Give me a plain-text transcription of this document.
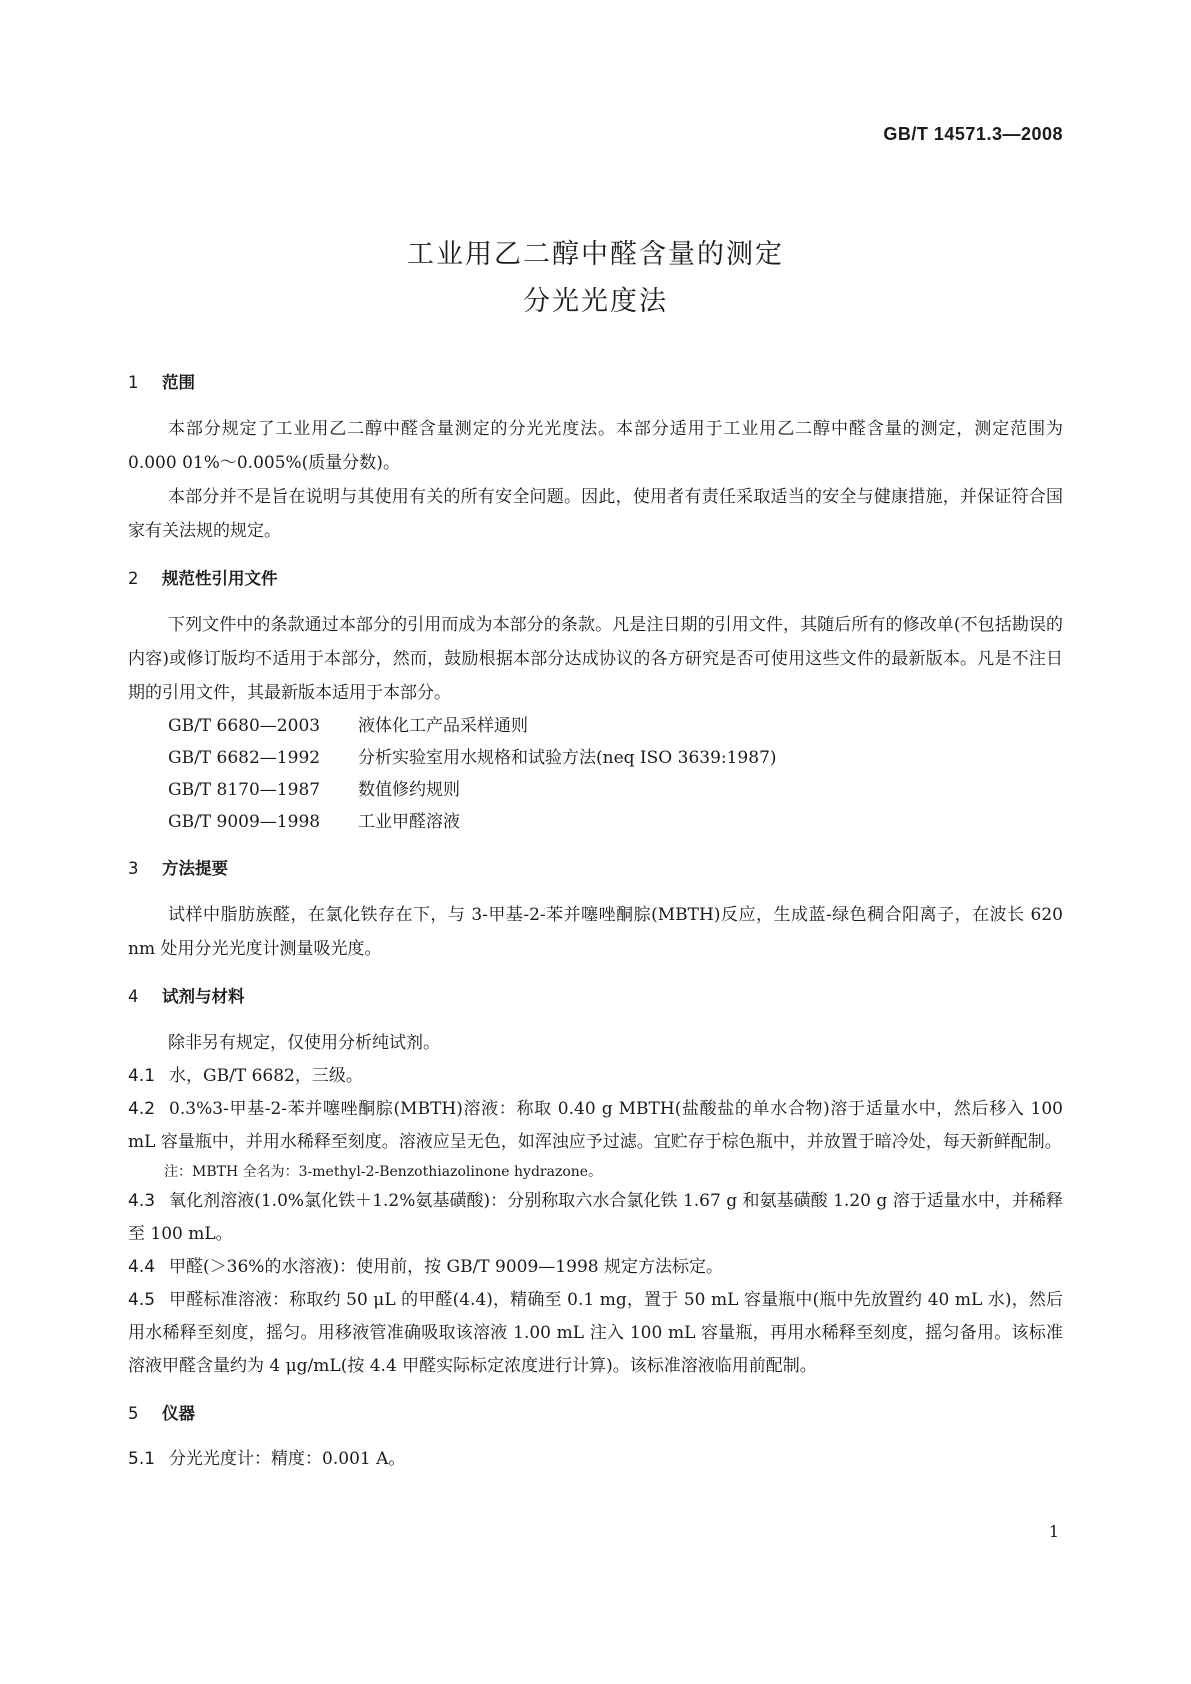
GB/T 14571.3—2008
工业用乙二醇中醛含量的测定
分光光度法
1 范围

本部分规定了工业用乙二醇中醛含量测定的分光光度法。本部分适用于工业用乙二醇中醛含量的测定，测定范围为 0.000 01%～0.005%(质量分数)。

本部分并不是旨在说明与其使用有关的所有安全问题。因此，使用者有责任采取适当的安全与健康措施，并保证符合国家有关法规的规定。

2 规范性引用文件

下列文件中的条款通过本部分的引用而成为本部分的条款。凡是注日期的引用文件，其随后所有的修改单(不包括勘误的内容)或修订版均不适用于本部分，然而，鼓励根据本部分达成协议的各方研究是否可使用这些文件的最新版本。凡是不注日期的引用文件，其最新版本适用于本部分。

GB/T 6680—2003 液体化工产品采样通则
GB/T 6682—1992 分析实验室用水规格和试验方法(neq ISO 3639:1987)
GB/T 8170—1987 数值修约规则
GB/T 9009—1998 工业甲醛溶液
3 方法提要

试样中脂肪族醛，在氯化铁存在下，与 3-甲基-2-苯并噻唑酮腙(MBTH)反应，生成蓝-绿色稠合阳离子，在波长 620 nm 处用分光光度计测量吸光度。

4 试剂与材料

除非另有规定，仅使用分析纯试剂。

4.1 水，GB/T 6682，三级。
4.2 0.3%3-甲基-2-苯并噻唑酮腙(MBTH)溶液：称取 0.40 g MBTH(盐酸盐的单水合物)溶于适量水中，然后移入 100 mL 容量瓶中，并用水稀释至刻度。溶液应呈无色，如浑浊应予过滤。宜贮存于棕色瓶中，并放置于暗冷处，每天新鲜配制。
注：MBTH 全名为：3-methyl-2-Benzothiazolinone hydrazone。
4.3 氧化剂溶液(1.0%氯化铁＋1.2%氨基磺酸)：分别称取六水合氯化铁 1.67 g 和氨基磺酸 1.20 g 溶于适量水中，并稀释至 100 mL。
4.4 甲醛(＞36%的水溶液)：使用前，按 GB/T 9009—1998 规定方法标定。
4.5 甲醛标准溶液：称取约 50 μL 的甲醛(4.4)，精确至 0.1 mg，置于 50 mL 容量瓶中(瓶中先放置约 40 mL 水)，然后用水稀释至刻度，摇匀。用移液管准确吸取该溶液 1.00 mL 注入 100 mL 容量瓶，再用水稀释至刻度，摇匀备用。该标准溶液甲醛含量约为 4 μg/mL(按 4.4 甲醛实际标定浓度进行计算)。该标准溶液临用前配制。
5 仪器
5.1 分光光度计：精度：0.001 A。
1
